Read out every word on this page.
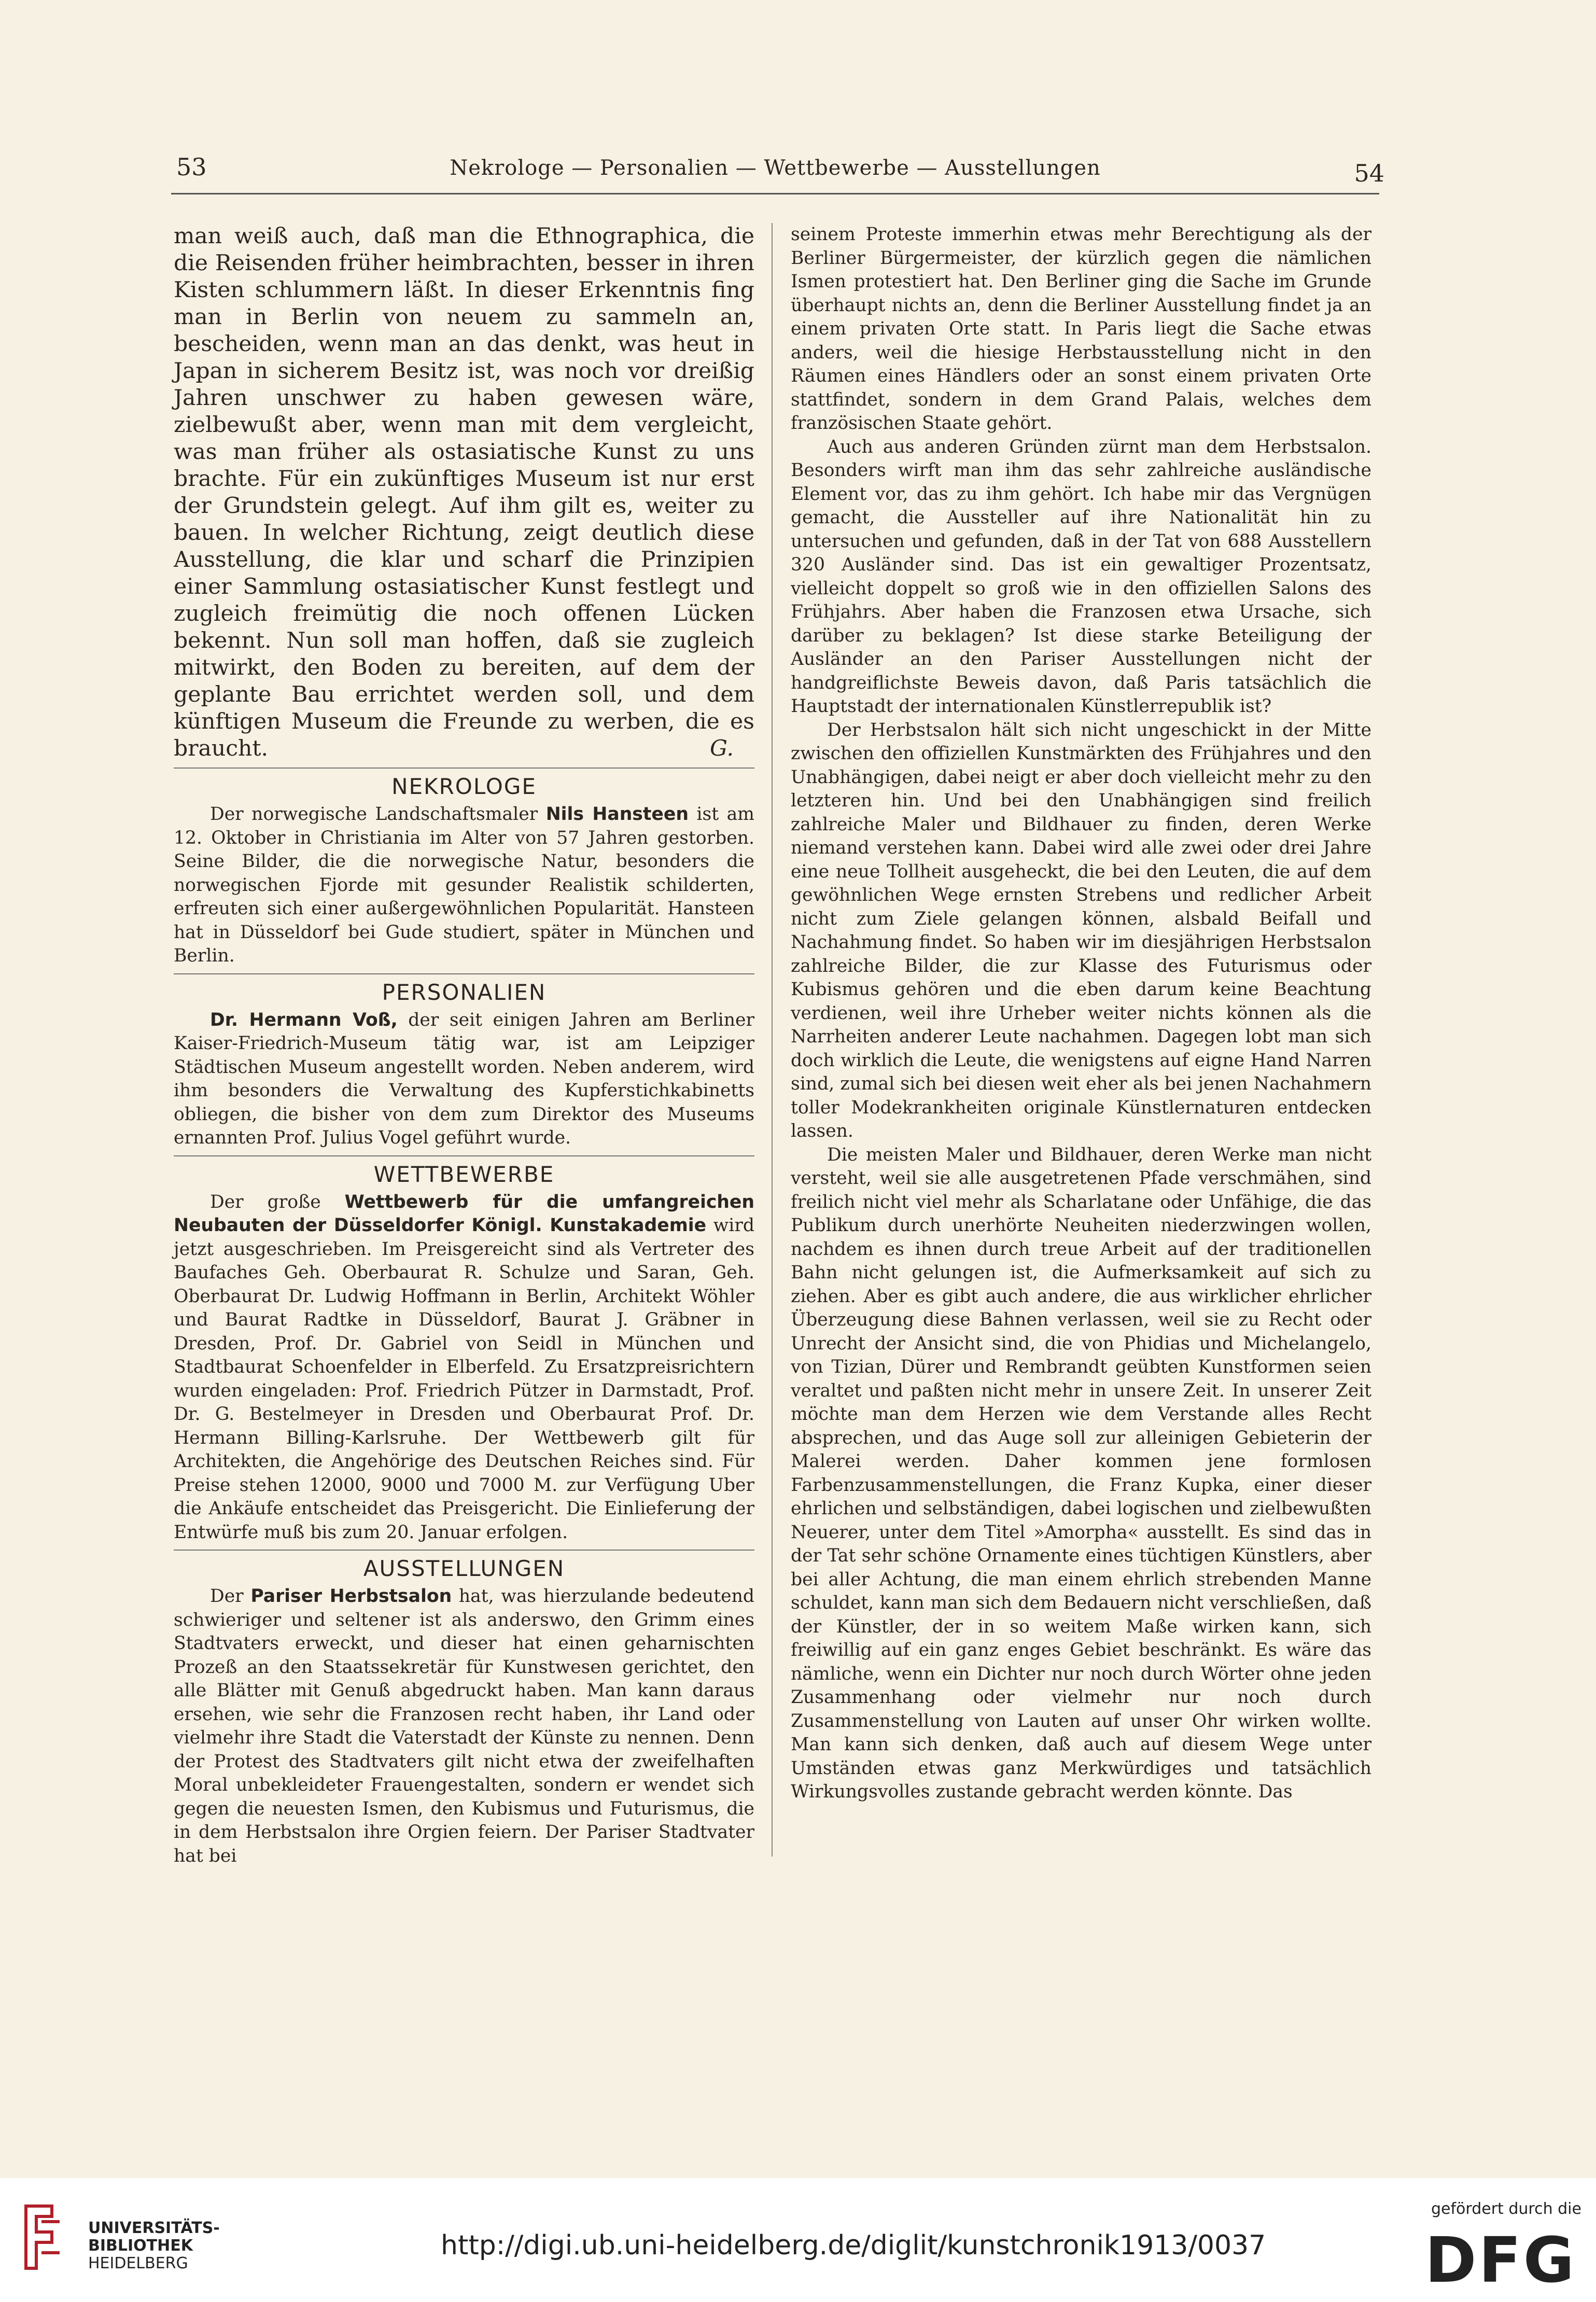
53	Nekrologe — Personalien — Wettbewerbe — Ausstellungen	54

man weiß auch, daß man die Ethnographica, die die Reisenden früher heimbrachten, besser in ihren Kisten schlummern läßt. In dieser Erkenntnis fing man in Berlin von neuem zu sammeln an, bescheiden, wenn man an das denkt, was heut in Japan in sicherem Besitz ist, was noch vor dreißig Jahren unschwer zu haben gewesen wäre, zielbewußt aber, wenn man mit dem vergleicht, was man früher als ostasiatische Kunst zu uns brachte. Für ein zukünftiges Museum ist nur erst der Grundstein gelegt. Auf ihm gilt es, weiter zu bauen. In welcher Richtung, zeigt deutlich diese Ausstellung, die klar und scharf die Prinzipien einer Sammlung ostasiatischer Kunst festlegt und zugleich freimütig die noch offenen Lücken bekennt. Nun soll man hoffen, daß sie zugleich mitwirkt, den Boden zu bereiten, auf dem der geplante Bau errichtet werden soll, und dem künftigen Museum die Freunde zu werben, die es braucht.	G.

NEKROLOGE

Der norwegische Landschaftsmaler Nils Hansteen ist am 12. Oktober in Christiania im Alter von 57 Jahren gestorben. Seine Bilder, die die norwegische Natur, besonders die norwegischen Fjorde mit gesunder Realistik schilderten, erfreuten sich einer außergewöhnlichen Popularität. Hansteen hat in Düsseldorf bei Gude studiert, später in München und Berlin.

PERSONALIEN

Dr. Hermann Voß, der seit einigen Jahren am Berliner Kaiser-Friedrich-Museum tätig war, ist am Leipziger Städtischen Museum angestellt worden. Neben anderem, wird ihm besonders die Verwaltung des Kupferstichkabinetts obliegen, die bisher von dem zum Direktor des Museums ernannten Prof. Julius Vogel geführt wurde.

WETTBEWERBE

Der große Wettbewerb für die umfangreichen Neubauten der Düsseldorfer Königl. Kunstakademie wird jetzt ausgeschrieben. Im Preisgereicht sind als Vertreter des Baufaches Geh. Oberbaurat R. Schulze und Saran, Geh. Oberbaurat Dr. Ludwig Hoffmann in Berlin, Architekt Wöhler und Baurat Radtke in Düsseldorf, Baurat J. Gräbner in Dresden, Prof. Dr. Gabriel von Seidl in München und Stadtbaurat Schoenfelder in Elberfeld. Zu Ersatzpreisrichtern wurden eingeladen: Prof. Friedrich Pützer in Darmstadt, Prof. Dr. G. Bestelmeyer in Dresden und Oberbaurat Prof. Dr. Hermann Billing-Karlsruhe. Der Wettbewerb gilt für Architekten, die Angehörige des Deutschen Reiches sind. Für Preise stehen 12000, 9000 und 7000 M. zur Verfügung Uber die Ankäufe entscheidet das Preisgericht. Die Einlieferung der Entwürfe muß bis zum 20. Januar erfolgen.

AUSSTELLUNGEN

Der Pariser Herbstsalon hat, was hierzulande bedeutend schwieriger und seltener ist als anderswo, den Grimm eines Stadtvaters erweckt, und dieser hat einen geharnischten Prozeß an den Staatssekretär für Kunstwesen gerichtet, den alle Blätter mit Genuß abgedruckt haben. Man kann daraus ersehen, wie sehr die Franzosen recht haben, ihr Land oder vielmehr ihre Stadt die Vaterstadt der Künste zu nennen. Denn der Protest des Stadtvaters gilt nicht etwa der zweifelhaften Moral unbekleideter Frauengestalten, sondern er wendet sich gegen die neuesten Ismen, den Kubismus und Futurismus, die in dem Herbstsalon ihre Orgien feiern. Der Pariser Stadtvater hat bei

seinem Proteste immerhin etwas mehr Berechtigung als der Berliner Bürgermeister, der kürzlich gegen die nämlichen Ismen protestiert hat. Den Berliner ging die Sache im Grunde überhaupt nichts an, denn die Berliner Ausstellung findet ja an einem privaten Orte statt. In Paris liegt die Sache etwas anders, weil die hiesige Herbstausstellung nicht in den Räumen eines Händlers oder an sonst einem privaten Orte stattfindet, sondern in dem Grand Palais, welches dem französischen Staate gehört.

Auch aus anderen Gründen zürnt man dem Herbstsalon. Besonders wirft man ihm das sehr zahlreiche ausländische Element vor, das zu ihm gehört. Ich habe mir das Vergnügen gemacht, die Aussteller auf ihre Nationalität hin zu untersuchen und gefunden, daß in der Tat von 688 Ausstellern 320 Ausländer sind. Das ist ein gewaltiger Prozentsatz, vielleicht doppelt so groß wie in den offiziellen Salons des Frühjahrs. Aber haben die Franzosen etwa Ursache, sich darüber zu beklagen? Ist diese starke Beteiligung der Ausländer an den Pariser Ausstellungen nicht der handgreiflichste Beweis davon, daß Paris tatsächlich die Hauptstadt der internationalen Künstlerrepublik ist?

Der Herbstsalon hält sich nicht ungeschickt in der Mitte zwischen den offiziellen Kunstmärkten des Frühjahres und den Unabhängigen, dabei neigt er aber doch vielleicht mehr zu den letzteren hin. Und bei den Unabhängigen sind freilich zahlreiche Maler und Bildhauer zu finden, deren Werke niemand verstehen kann. Dabei wird alle zwei oder drei Jahre eine neue Tollheit ausgeheckt, die bei den Leuten, die auf dem gewöhnlichen Wege ernsten Strebens und redlicher Arbeit nicht zum Ziele gelangen können, alsbald Beifall und Nachahmung findet. So haben wir im diesjährigen Herbstsalon zahlreiche Bilder, die zur Klasse des Futurismus oder Kubismus gehören und die eben darum keine Beachtung verdienen, weil ihre Urheber weiter nichts können als die Narrheiten anderer Leute nachahmen. Dagegen lobt man sich doch wirklich die Leute, die wenigstens auf eigne Hand Narren sind, zumal sich bei diesen weit eher als bei jenen Nachahmern toller Modekrankheiten originale Künstlernaturen entdecken lassen.

Die meisten Maler und Bildhauer, deren Werke man nicht versteht, weil sie alle ausgetretenen Pfade verschmähen, sind freilich nicht viel mehr als Scharlatane oder Unfähige, die das Publikum durch unerhörte Neuheiten niederzwingen wollen, nachdem es ihnen durch treue Arbeit auf der traditionellen Bahn nicht gelungen ist, die Aufmerksamkeit auf sich zu ziehen. Aber es gibt auch andere, die aus wirklicher ehrlicher Überzeugung diese Bahnen verlassen, weil sie zu Recht oder Unrecht der Ansicht sind, die von Phidias und Michelangelo, von Tizian, Dürer und Rembrandt geübten Kunstformen seien veraltet und paßten nicht mehr in unsere Zeit. In unserer Zeit möchte man dem Herzen wie dem Verstande alles Recht absprechen, und das Auge soll zur alleinigen Gebieterin der Malerei werden. Daher kommen jene formlosen Farbenzusammenstellungen, die Franz Kupka, einer dieser ehrlichen und selbständigen, dabei logischen und zielbewußten Neuerer, unter dem Titel »Amorpha« ausstellt. Es sind das in der Tat sehr schöne Ornamente eines tüchtigen Künstlers, aber bei aller Achtung, die man einem ehrlich strebenden Manne schuldet, kann man sich dem Bedauern nicht verschließen, daß der Künstler, der in so weitem Maße wirken kann, sich freiwillig auf ein ganz enges Gebiet beschränkt. Es wäre das nämliche, wenn ein Dichter nur noch durch Wörter ohne jeden Zusammenhang oder vielmehr nur noch durch Zusammenstellung von Lauten auf unser Ohr wirken wollte. Man kann sich denken, daß auch auf diesem Wege unter Umständen etwas ganz Merkwürdiges und tatsächlich Wirkungsvolles zustande gebracht werden könnte. Das

UNIVERSITÄTS-
BIBLIOTHEK
HEIDELBERG
http://digi.ub.uni-heidelberg.de/diglit/kunstchronik1913/0037
gefördert durch die
DFG
